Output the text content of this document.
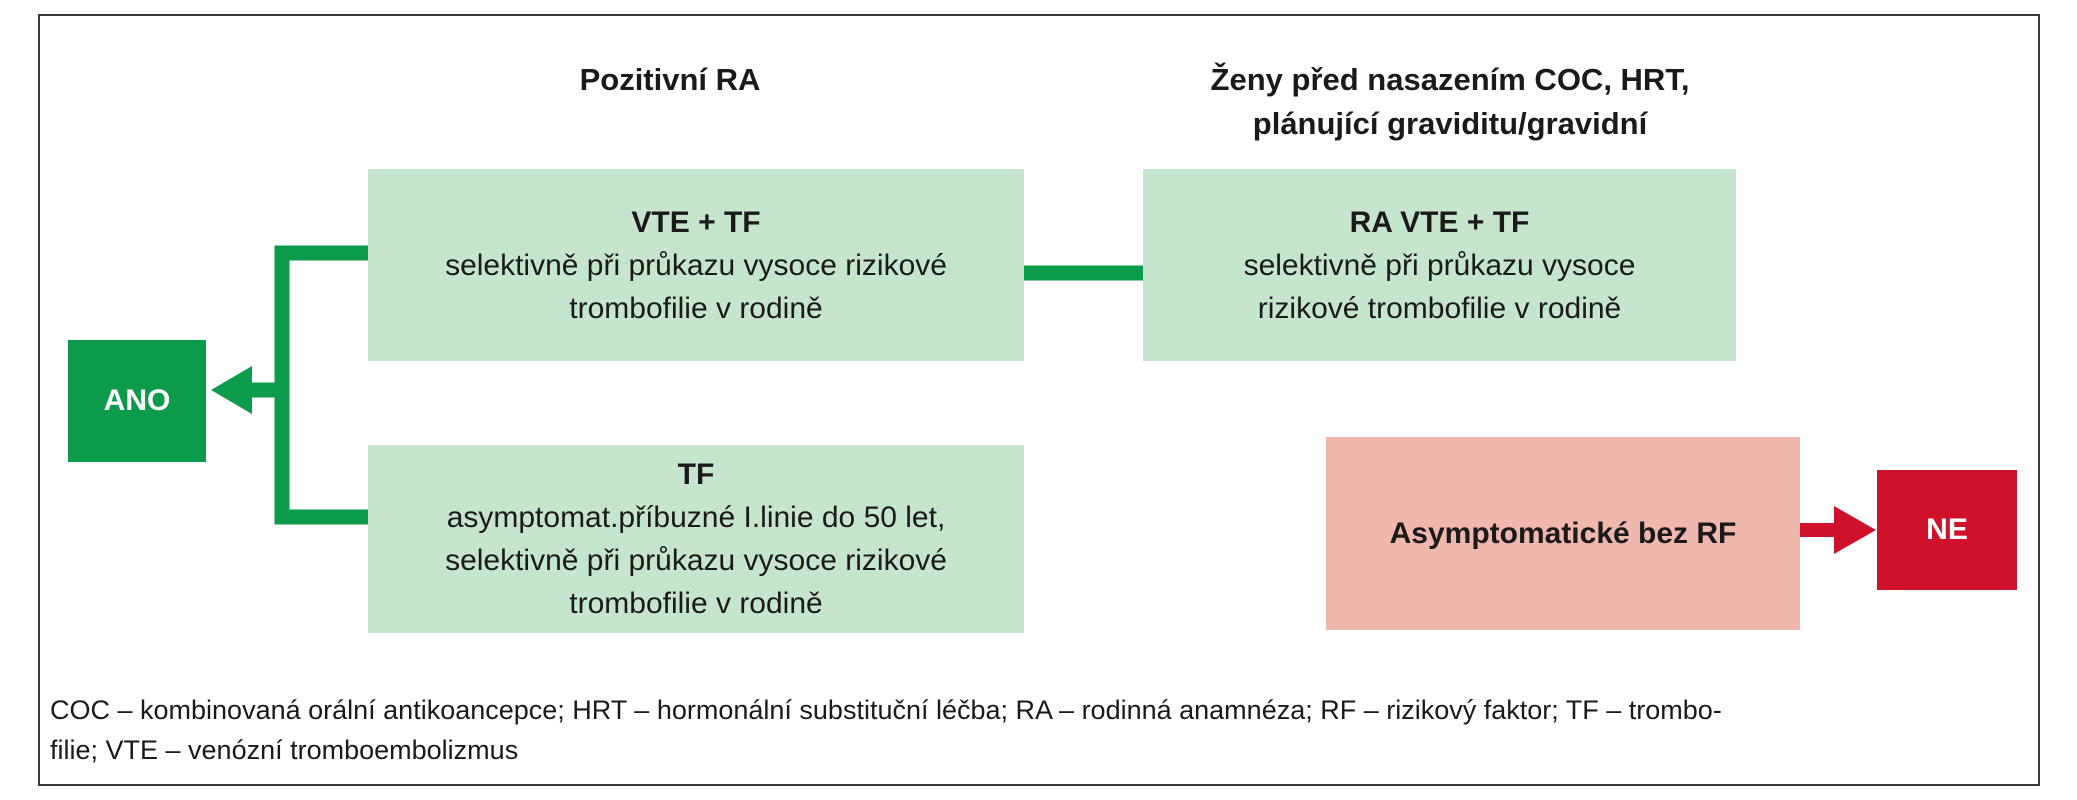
Pozitivní RA	Ženy před nasazením COC, HRT,
plánující graviditu/gravidní
VTE + TF
selektivně při průkazu vysoce rizikové
trombofilie v rodině
RA VTE + TF
selektivně při průkazu vysoce
rizikové trombofilie v rodině
TF
asymptomat.příbuzné I.linie do 50 let,
selektivně při průkazu vysoce rizikové
trombofilie v rodině
Asymptomatické bez RF
ANO
NE
COC – kombinovaná orální antikoancepce; HRT – hormonální substituční léčba; RA – rodinná anamnéza; RF – rizikový faktor; TF – trombo-
filie; VTE – venózní tromboembolizmus
